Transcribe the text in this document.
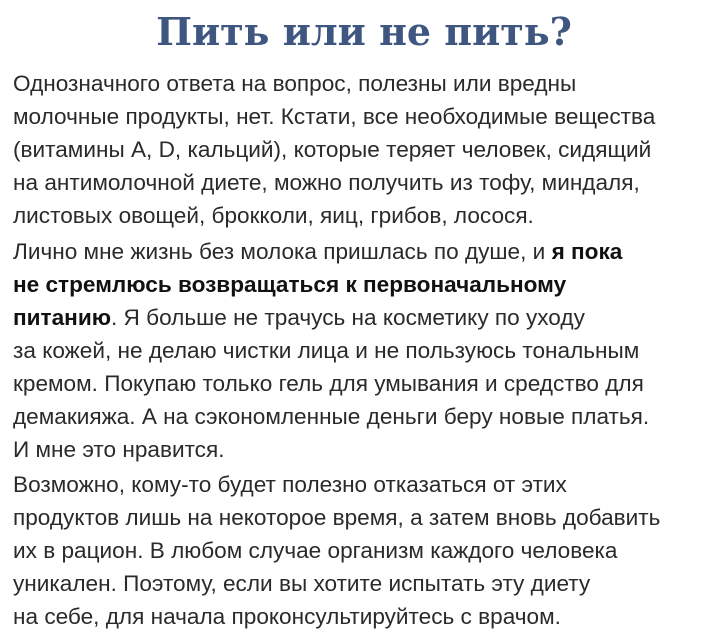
Пить или не пить?

Однозначного ответа на вопрос, полезны или вредны
молочные продукты, нет. Кстати, все необходимые вещества
(витамины A, D, кальций), которые теряет человек, сидящий
на антимолочной диете, можно получить из тофу, миндаля,
листовых овощей, брокколи, яиц, грибов, лосося.

Лично мне жизнь без молока пришлась по душе, и я пока
не стремлюсь возвращаться к первоначальному
питанию. Я больше не трачусь на косметику по уходу
за кожей, не делаю чистки лица и не пользуюсь тональным
кремом. Покупаю только гель для умывания и средство для
демакияжа. А на сэкономленные деньги беру новые платья.
И мне это нравится.

Возможно, кому-то будет полезно отказаться от этих
продуктов лишь на некоторое время, а затем вновь добавить
их в рацион. В любом случае организм каждого человека
уникален. Поэтому, если вы хотите испытать эту диету
на себе, для начала проконсультируйтесь с врачом.
